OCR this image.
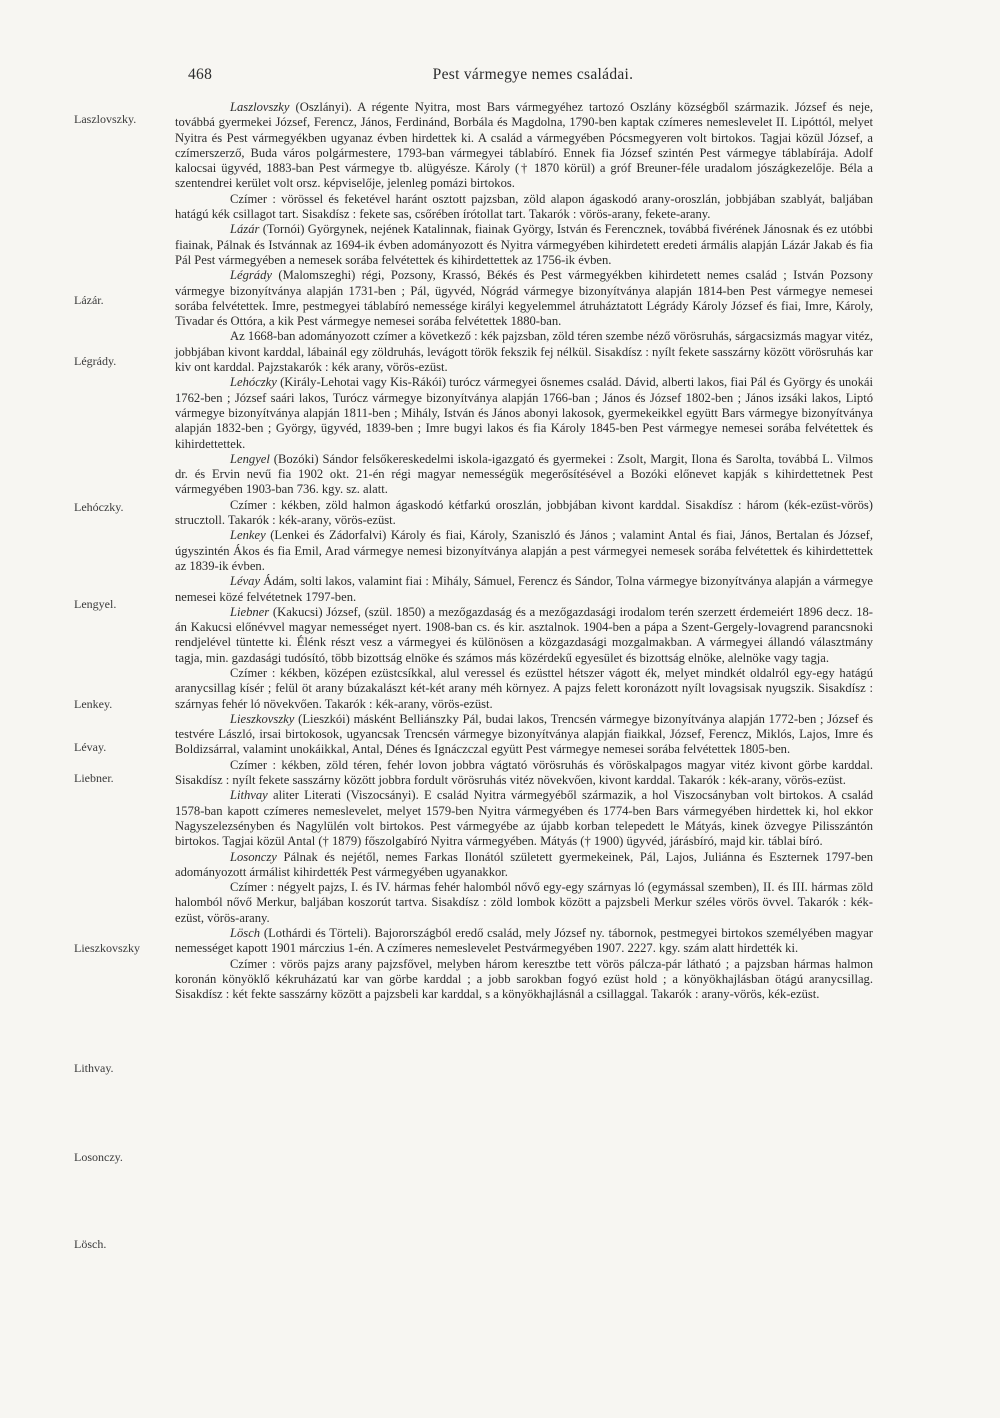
468	Pest vármegye nemes családai.
Laszlovszky.
Lázár.
Légrády.
Lehóczky.
Lengyel.
Lenkey.
Lévay.
Liebner.
Lieszkovszky
Lithvay.
Losonczy.
Lösch.

Laszlovszky (Oszlányi). A régente Nyitra, most Bars vármegyéhez tartozó Oszlány községből származik. József és neje, továbbá gyermekei József, Ferencz, János, Ferdinánd, Borbála és Magdolna, 1790-ben kaptak czímeres nemeslevelet II. Lipóttól, melyet Nyitra és Pest vármegyékben ugyanaz évben hirdettek ki. A család a vármegyében Pócsmegyeren volt birtokos. Tagjai közül József, a czímerszerző, Buda város polgármestere, 1793-ban vármegyei táblabíró. Ennek fia József szintén Pest vármegye táblabírája. Adolf kalocsai ügyvéd, 1883-ban Pest vármegye tb. alügyésze. Károly († 1870 körül) a gróf Breuner-féle uradalom jószágkezelője. Béla a szentendrei kerület volt orsz. képviselője, jelenleg pomázi birtokos.

Czímer : vörössel és feketével haránt osztott pajzsban, zöld alapon ágaskodó arany-oroszlán, jobbjában szablyát, baljában hatágú kék csillagot tart. Sisakdísz : fekete sas, csőrében írótollat tart. Takarók : vörös-arany, fekete-arany.

Lázár (Tornói) Györgynek, nejének Katalinnak, fiainak György, István és Ferencznek, továbbá fivérének Jánosnak és ez utóbbi fiainak, Pálnak és Istvánnak az 1694-ik évben adományozott és Nyitra vármegyében kihirdetett eredeti ármális alapján Lázár Jakab és fia Pál Pest vármegyében a nemesek sorába felvétettek és kihirdettettek az 1756-ik évben.

Légrády (Malomszeghi) régi, Pozsony, Krassó, Békés és Pest vármegyékben kihirdetett nemes család ; István Pozsony vármegye bizonyítványa alapján 1731-ben ; Pál, ügyvéd, Nógrád vármegye bizonyítványa alapján 1814-ben Pest vármegye nemesei sorába felvétettek. Imre, pestmegyei táblabíró nemessége királyi kegyelemmel átruháztatott Légrády Károly József és fiai, Imre, Károly, Tivadar és Ottóra, a kik Pest vármegye nemesei sorába felvétettek 1880-ban.

Az 1668-ban adományozott czímer a következő : kék pajzsban, zöld téren szembe néző vörösruhás, sárgacsizmás magyar vitéz, jobbjában kivont karddal, lábainál egy zöldruhás, levágott török fekszik fej nélkül. Sisakdísz : nyílt fekete sasszárny között vörösruhás kar kiv ont karddal. Pajzstakarók : kék arany, vörös-ezüst.

Lehóczky (Király-Lehotai vagy Kis-Rákói) turócz vármegyei ősnemes család. Dávid, alberti lakos, fiai Pál és György és unokái 1762-ben ; József saári lakos, Turócz vármegye bizonyítványa alapján 1766-ban ; János és József 1802-ben ; János izsáki lakos, Liptó vármegye bizonyítványa alapján 1811-ben ; Mihály, István és János abonyi lakosok, gyermekeikkel együtt Bars vármegye bizonyítványa alapján 1832-ben ; György, ügyvéd, 1839-ben ; Imre bugyi lakos és fia Károly 1845-ben Pest vármegye nemesei sorába felvétettek és kihirdettettek.

Lengyel (Bozóki) Sándor felsőkereskedelmi iskola-igazgató és gyermekei : Zsolt, Margit, Ilona és Sarolta, továbbá L. Vilmos dr. és Ervin nevű fia 1902 okt. 21-én régi magyar nemességük megerősítésével a Bozóki előnevet kapják s kihirdettetnek Pest vármegyében 1903-ban 736. kgy. sz. alatt.

Czímer : kékben, zöld halmon ágaskodó kétfarkú oroszlán, jobbjában kivont karddal. Sisakdísz : három (kék-ezüst-vörös) strucztoll. Takarók : kék-arany, vörös-ezüst.

Lenkey (Lenkei és Zádorfalvi) Károly és fiai, Károly, Szaniszló és János ; valamint Antal és fiai, János, Bertalan és József, úgyszintén Ákos és fia Emil, Arad vármegye nemesi bizonyítványa alapján a pest vármegyei nemesek sorába felvétettek és kihirdettettek az 1839-ik évben.

Lévay Ádám, solti lakos, valamint fiai : Mihály, Sámuel, Ferencz és Sándor, Tolna vármegye bizonyítványa alapján a vármegye nemesei közé felvétetnek 1797-ben.

Liebner (Kakucsi) József, (szül. 1850) a mezőgazdaság és a mezőgazdasági irodalom terén szerzett érdemeiért 1896 decz. 18-án Kakucsi előnévvel magyar nemességet nyert. 1908-ban cs. és kir. asztalnok. 1904-ben a pápa a Szent-Gergely-lovagrend parancsnoki rendjelével tüntette ki. Élénk részt vesz a vármegyei és különösen a közgazdasági mozgalmakban. A vármegyei állandó választmány tagja, min. gazdasági tudósító, több bizottság elnöke és számos más közérdekű egyesület és bizottság elnöke, alelnöke vagy tagja.

Czímer : kékben, középen ezüstcsíkkal, alul veressel és ezüsttel hétszer vágott ék, melyet mindkét oldalról egy-egy hatágú aranycsillag kísér ; felül öt arany búzakalászt két-két arany méh környez. A pajzs felett koronázott nyílt lovagsisak nyugszik. Sisakdísz : szárnyas fehér ló növekvően. Takarók : kék-arany, vörös-ezüst.

Lieszkovszky (Lieszkói) másként Belliánszky Pál, budai lakos, Trencsén vármegye bizonyítványa alapján 1772-ben ; József és testvére László, irsai birtokosok, ugyancsak Trencsén vármegye bizonyítványa alapján fiaikkal, József, Ferencz, Miklós, Lajos, Imre és Boldizsárral, valamint unokáikkal, Antal, Dénes és Ignáczczal együtt Pest vármegye nemesei sorába felvétettek 1805-ben.

Czímer : kékben, zöld téren, fehér lovon jobbra vágtató vörösruhás és vöröskalpagos magyar vitéz kivont görbe karddal. Sisakdísz : nyílt fekete sasszárny között jobbra fordult vörösruhás vitéz növekvően, kivont karddal. Takarók : kék-arany, vörös-ezüst.

Lithvay aliter Literati (Viszocsányi). E család Nyitra vármegyéből származik, a hol Viszocsányban volt birtokos. A család 1578-ban kapott czímeres nemeslevelet, melyet 1579-ben Nyitra vármegyében és 1774-ben Bars vármegyében hirdettek ki, hol ekkor Nagyszelezsényben és Nagylülén volt birtokos. Pest vármegyébe az újabb korban telepedett le Mátyás, kinek özvegye Pilisszántón birtokos. Tagjai közül Antal († 1879) főszolgabíró Nyitra vármegyében. Mátyás († 1900) ügyvéd, járásbíró, majd kir. táblai bíró.

Losonczy Pálnak és nejétől, nemes Farkas Ilonától született gyermekeinek, Pál, Lajos, Juliánna és Eszternek 1797-ben adományozott ármálist kihirdették Pest vármegyében ugyanakkor.

Czímer : négyelt pajzs, I. és IV. hármas fehér halomból nővő egy-egy szárnyas ló (egymással szemben), II. és III. hármas zöld halomból nővő Merkur, baljában koszorút tartva. Sisakdísz : zöld lombok között a pajzsbeli Merkur széles vörös övvel. Takarók : kék-ezüst, vörös-arany.

Lösch (Lothárdi és Törteli). Bajorországból eredő család, mely József ny. tábornok, pestmegyei birtokos személyében magyar nemességet kapott 1901 márczius 1-én. A czímeres nemeslevelet Pestvármegyében 1907. 2227. kgy. szám alatt hirdették ki.

Czímer : vörös pajzs arany pajzsfővel, melyben három keresztbe tett vörös pálcza-pár látható ; a pajzsban hármas halmon koronán könyöklő kékruházatú kar van görbe karddal ; a jobb sarokban fogyó ezüst hold ; a könyökhajlásban ötágú aranycsillag. Sisakdísz : két fekte sasszárny között a pajzsbeli kar karddal, s a könyökhajlásnál a csillaggal. Takarók : arany-vörös, kék-ezüst.
